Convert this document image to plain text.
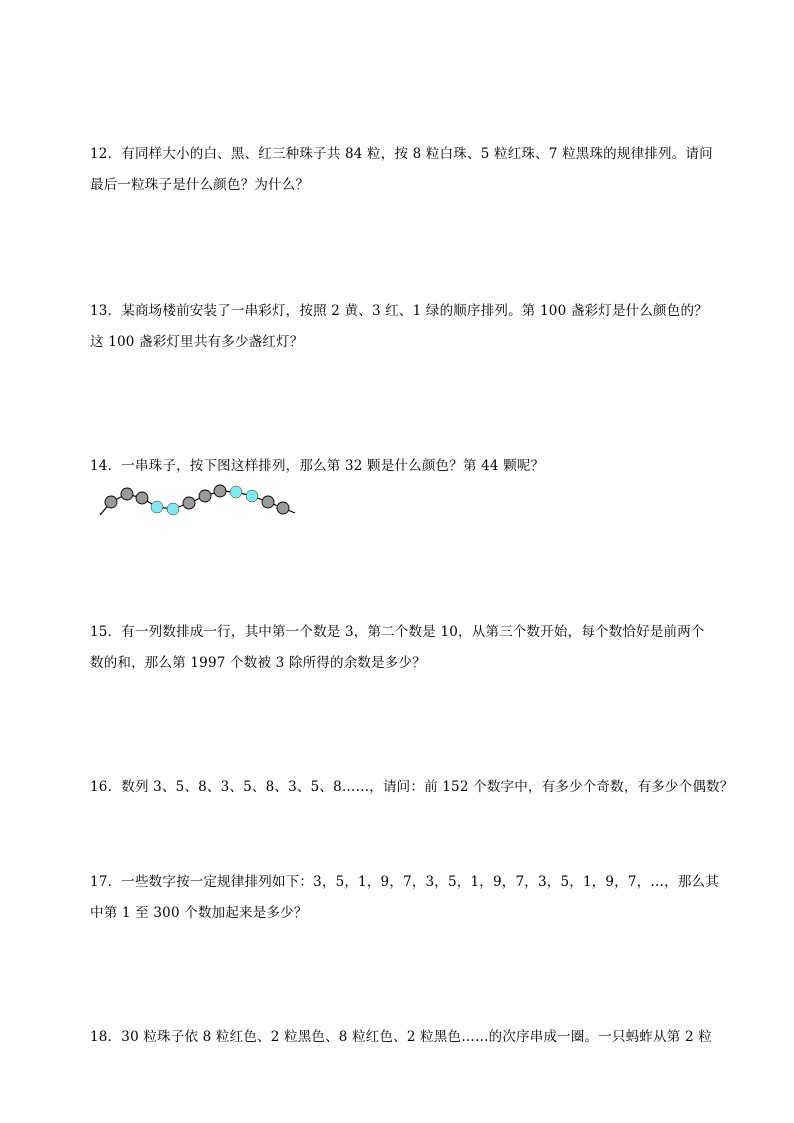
12．有同样大小的白、黑、红三种珠子共 84 粒，按 8 粒白珠、5 粒红珠、7 粒黑珠的规律排列。请问

最后一粒珠子是什么颜色？为什么？

13．某商场楼前安装了一串彩灯，按照 2 黄、3 红、1 绿的顺序排列。第 100 盏彩灯是什么颜色的？

这 100 盏彩灯里共有多少盏红灯？

14．一串珠子，按下图这样排列，那么第 32 颗是什么颜色？第 44 颗呢？

15．有一列数排成一行，其中第一个数是 3，第二个数是 10，从第三个数开始，每个数恰好是前两个

数的和，那么第 1997 个数被 3 除所得的余数是多少？

16．数列 3、5、8、3、5、8、3、5、8……，请问：前 152 个数字中，有多少个奇数，有多少个偶数？

17．一些数字按一定规律排列如下：3，5，1，9，7，3，5，1，9，7，3，5，1，9，7，…，那么其

中第 1 至 300 个数加起来是多少？

18．30 粒珠子依 8 粒红色、2 粒黑色、8 粒红色、2 粒黑色……的次序串成一圈。一只蚂蚱从第 2 粒
